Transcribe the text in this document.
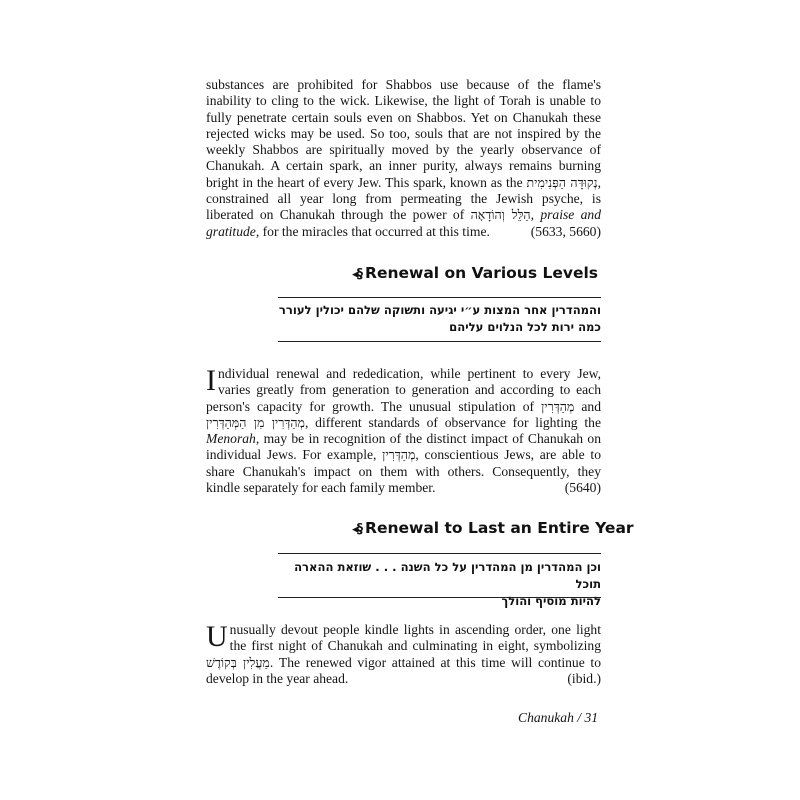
substances are prohibited for Shabbos use because of the flame's inability to cling to the wick. Likewise, the light of Torah is unable to fully penetrate certain souls even on Shabbos. Yet on Chanukah these rejected wicks may be used. So too, souls that are not inspired by the weekly Shabbos are spiritually moved by the yearly observance of Chanukah. A certain spark, an inner purity, always remains burning bright in the heart of every Jew. This spark, known as the נְקוּדָּה הַפְּנִימִית, constrained all year long from permeating the Jewish psyche, is liberated on Chanukah through the power of הַלֵּל וְהוֹדָאָה, praise and gratitude, for the miracles that occurred at this time.	(5633, 5660)

◂§ Renewal on Various Levels
והמהדרין אחר המצות ע״י יגיעה ותשוקה שלהם יכולין לעורר
כמה ירות לכל הנלוים עליהם

Individual renewal and rededication, while pertinent to every Jew, varies greatly from generation to generation and according to each person's capacity for growth. The unusual stipulation of מְהַדְּרִין and מְהַדְּרִין מִן הַמְּהַדְּרִין, different standards of observance for lighting the Menorah, may be in recognition of the distinct impact of Chanukah on individual Jews. For example, מְהַדְּרִין, conscientious Jews, are able to share Chanukah's impact on them with others. Consequently, they kindle separately for each family member.	(5640)

◂§ Renewal to Last an Entire Year
וכן המהדרין מן המהדרין על כל השנה . . . שוזאת ההארה תוכל
להיות מוסיף והולך

Unusually devout people kindle lights in ascending order, one light the first night of Chanukah and culminating in eight, symbolizing מַעֲלִין בְּקוֹדֶשׁ. The renewed vigor attained at this time will continue to develop in the year ahead.	(ibid.)

Chanukah / 31
